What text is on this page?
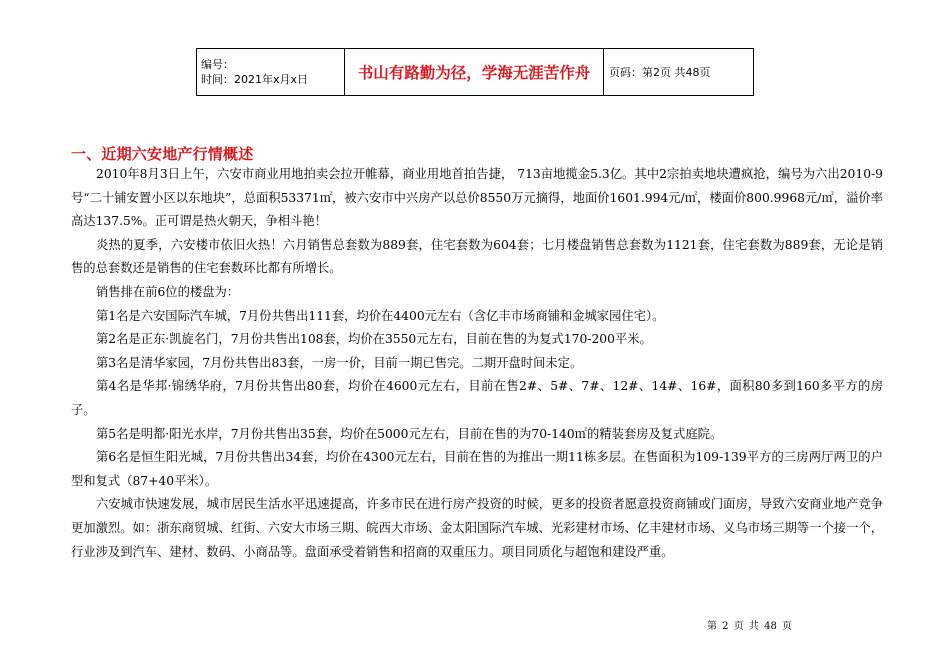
编号：
时间：2021年x月x日	书山有路勤为径，学海无涯苦作舟	页码：第2页 共48页
一、近期六安地产行情概述

2010年8月3日上午，六安市商业用地拍卖会拉开帷幕，商业用地首拍告捷， 713亩地揽金5.3亿。其中2宗拍卖地块遭疯抢，编号为六出2010-9号“二十铺安置小区以东地块”，总面积53371㎡，被六安市中兴房产以总价8550万元摘得，地面价1601.994元/㎡，楼面价800.9968元/㎡，溢价率高达137.5%。正可谓是热火朝天，争相斗艳！

炎热的夏季，六安楼市依旧火热！六月销售总套数为889套，住宅套数为604套；七月楼盘销售总套数为1121套，住宅套数为889套，无论是销售的总套数还是销售的住宅套数环比都有所增长。

销售排在前6位的楼盘为：

第1名是六安国际汽车城，7月份共售出111套，均价在4400元左右（含亿丰市场商铺和金城家园住宅）。

第2名是正东·凯旋名门，7月份共售出108套，均价在3550元左右，目前在售的为复式170-200平米。

第3名是清华家园，7月份共售出83套，一房一价，目前一期已售完。二期开盘时间未定。

第4名是华邦·锦绣华府，7月份共售出80套，均价在4600元左右，目前在售2#、5#、7#、12#、14#、16#，面积80多到160多平方的房子。

第5名是明都·阳光水岸，7月份共售出35套，均价在5000元左右，目前在售的为70-140㎡的精装套房及复式庭院。

第6名是恒生阳光城，7月份共售出34套，均价在4300元左右，目前在售的为推出一期11栋多层。在售面积为109-139平方的三房两厅两卫的户型和复式（87+40平米）。

六安城市快速发展，城市居民生活水平迅速提高，许多市民在进行房产投资的时候，更多的投资者愿意投资商铺或门面房，导致六安商业地产竞争更加激烈。如：浙东商贸城、红街、六安大市场三期、皖西大市场、金太阳国际汽车城、光彩建材市场、亿丰建材市场、义乌市场三期等一个接一个，行业涉及到汽车、建材、数码、小商品等。盘面承受着销售和招商的双重压力。项目同质化与超饱和建设严重。

第 2 页 共 48 页
